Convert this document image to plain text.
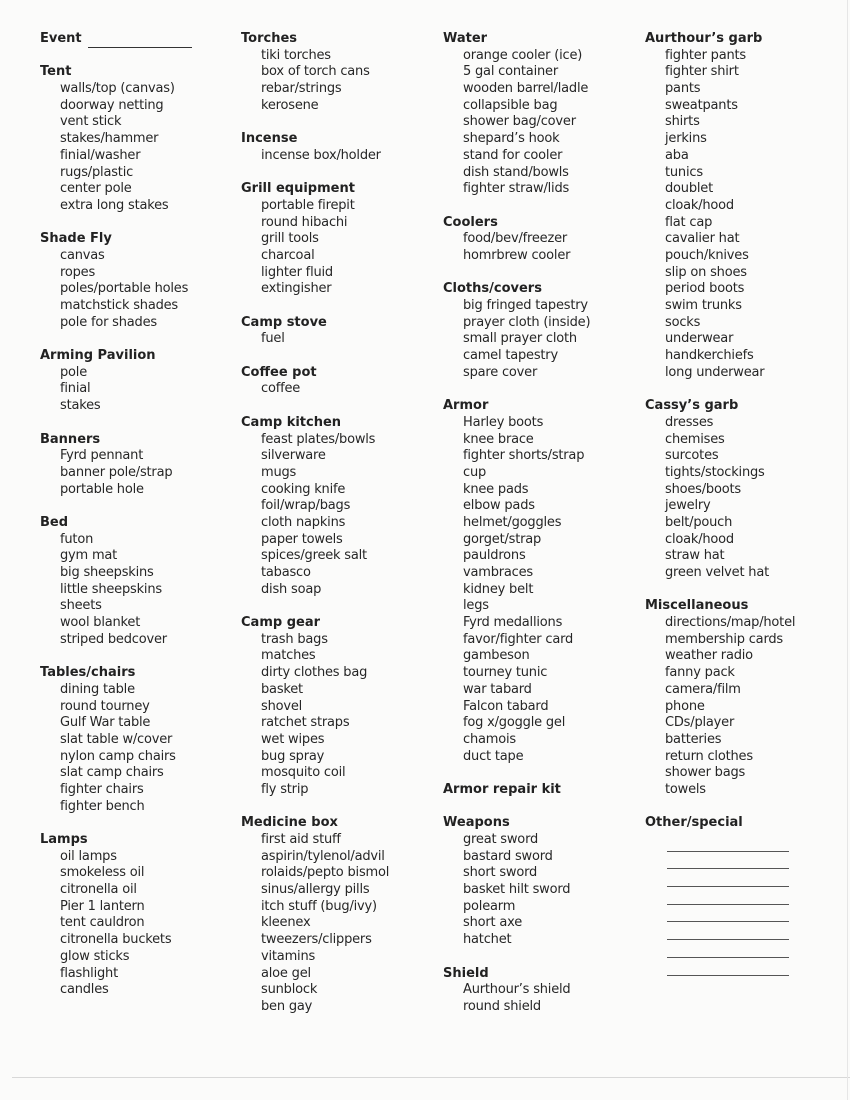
Event
Tent
walls/top (canvas)
doorway netting
vent stick
stakes/hammer
finial/washer
rugs/plastic
center pole
extra long stakes
Shade Fly
canvas
ropes
poles/portable holes
matchstick shades
pole for shades
Arming Pavilion
pole
finial
stakes
Banners
Fyrd pennant
banner pole/strap
portable hole
Bed
futon
gym mat
big sheepskins
little sheepskins
sheets
wool blanket
striped bedcover
Tables/chairs
dining table
round tourney
Gulf War table
slat table w/cover
nylon camp chairs
slat camp chairs
fighter chairs
fighter bench
Lamps
oil lamps
smokeless oil
citronella oil
Pier 1 lantern
tent cauldron
citronella buckets
glow sticks
flashlight
candles
Torches
tiki torches
box of torch cans
rebar/strings
kerosene
Incense
incense box/holder
Grill equipment
portable firepit
round hibachi
grill tools
charcoal
lighter fluid
extingisher
Camp stove
fuel
Coffee pot
coffee
Camp kitchen
feast plates/bowls
silverware
mugs
cooking knife
foil/wrap/bags
cloth napkins
paper towels
spices/greek salt
tabasco
dish soap
Camp gear
trash bags
matches
dirty clothes bag
basket
shovel
ratchet straps
wet wipes
bug spray
mosquito coil
fly strip
Medicine box
first aid stuff
aspirin/tylenol/advil
rolaids/pepto bismol
sinus/allergy pills
itch stuff (bug/ivy)
kleenex
tweezers/clippers
vitamins
aloe gel
sunblock
ben gay
Water
orange cooler (ice)
5 gal container
wooden barrel/ladle
collapsible bag
shower bag/cover
shepard’s hook
stand for cooler
dish stand/bowls
fighter straw/lids
Coolers
food/bev/freezer
homrbrew cooler
Cloths/covers
big fringed tapestry
prayer cloth (inside)
small prayer cloth
camel tapestry
spare cover
Armor
Harley boots
knee brace
fighter shorts/strap
cup
knee pads
elbow pads
helmet/goggles
gorget/strap
pauldrons
vambraces
kidney belt
legs
Fyrd medallions
favor/fighter card
gambeson
tourney tunic
war tabard
Falcon tabard
fog x/goggle gel
chamois
duct tape
Armor repair kit
Weapons
great sword
bastard sword
short sword
basket hilt sword
polearm
short axe
hatchet
Shield
Aurthour’s shield
round shield
Aurthour’s garb
fighter pants
fighter shirt
pants
sweatpants
shirts
jerkins
aba
tunics
doublet
cloak/hood
flat cap
cavalier hat
pouch/knives
slip on shoes
period boots
swim trunks
socks
underwear
handkerchiefs
long underwear
Cassy’s garb
dresses
chemises
surcotes
tights/stockings
shoes/boots
jewelry
belt/pouch
cloak/hood
straw hat
green velvet hat
Miscellaneous
directions/map/hotel
membership cards
weather radio
fanny pack
camera/film
phone
CDs/player
batteries
return clothes
shower bags
towels
Other/special
